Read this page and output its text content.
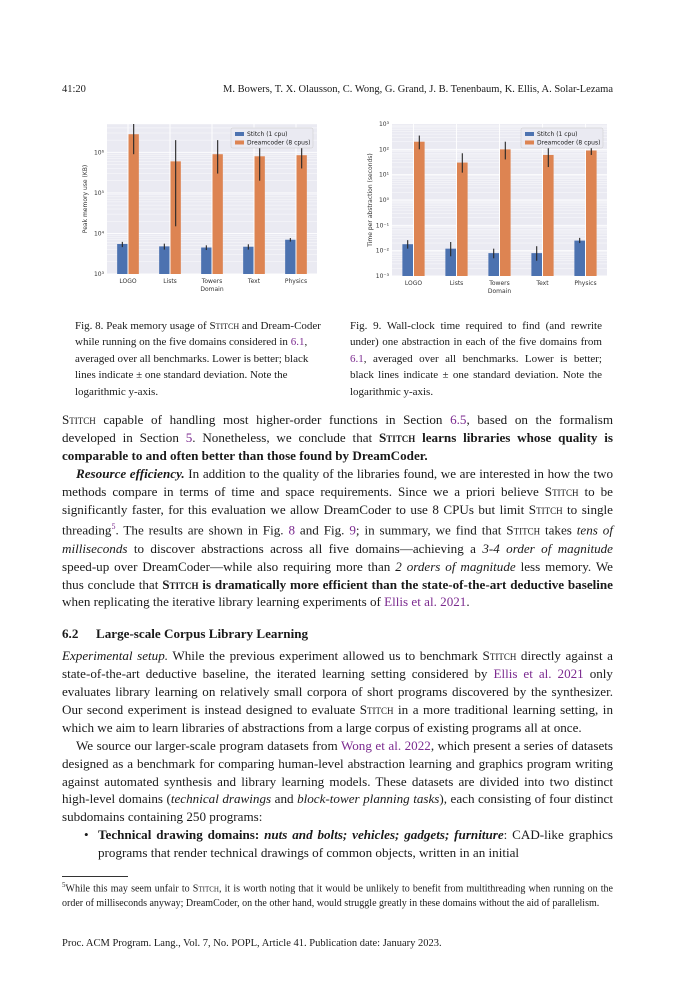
41:20	M. Bowers, T. X. Olausson, C. Wong, G. Grand, J. B. Tenenbaum, K. Ellis, A. Solar-Lezama
10³
10⁴
10⁵
10⁶
LOGO	Lists	Towers	Text	Physics
Domain
Peak memory use (KB)
Stitch (1 cpu)
Dreamcoder (8 cpus)
10⁻³
10⁻²
10⁻¹
10⁰
10¹
10²
10³
LOGO	Lists	Towers	Text	Physics
Domain
Time per abstraction (seconds)
Stitch (1 cpu)
Dreamcoder (8 cpus)
Fig. 8. Peak memory usage of Stitch and Dream-Coder while running on the five domains considered in 6.1, averaged over all benchmarks. Lower is better; black lines indicate ± one standard deviation. Note the logarithmic y-axis.
Fig. 9. Wall-clock time required to find (and rewrite under) one abstraction in each of the five domains from 6.1, averaged over all benchmarks. Lower is better; black lines indicate ± one standard deviation. Note the logarithmic y-axis.

Stitch capable of handling most higher-order functions in Section 6.5, based on the formalism developed in Section 5. Nonetheless, we conclude that Stitch learns libraries whose quality is comparable to and often better than those found by DreamCoder.

Resource efficiency. In addition to the quality of the libraries found, we are interested in how the two methods compare in terms of time and space requirements. Since we a priori believe Stitch to be significantly faster, for this evaluation we allow DreamCoder to use 8 CPUs but limit Stitch to single threading$^5$. The results are shown in Fig. 8 and Fig. 9; in summary, we find that Stitch takes tens of milliseconds to discover abstractions across all five domains—achieving a 3-4 order of magnitude speed-up over DreamCoder—while also requiring more than 2 orders of magnitude less memory. We thus conclude that Stitch is dramatically more efficient than the state-of-the-art deductive baseline when replicating the iterative library learning experiments of Ellis et al. 2021.

6.2 Large-scale Corpus Library Learning

Experimental setup. While the previous experiment allowed us to benchmark Stitch directly against a state-of-the-art deductive baseline, the iterated learning setting considered by Ellis et al. 2021 only evaluates library learning on relatively small corpora of short programs discovered by the synthesizer. Our second experiment is instead designed to evaluate Stitch in a more traditional learning setting, in which we aim to learn libraries of abstractions from a large corpus of existing programs all at once.

We source our larger-scale program datasets from Wong et al. 2022, which present a series of datasets designed as a benchmark for comparing human-level abstraction learning and graphics program writing against automated synthesis and library learning models. These datasets are divided into two distinct high-level domains (technical drawings and block-tower planning tasks), each consisting of four distinct subdomains containing 250 programs:

• Technical drawing domains: nuts and bolts; vehicles; gadgets; furniture: CAD-like graphics programs that render technical drawings of common objects, written in an initial

$^5$While this may seem unfair to Stitch, it is worth noting that it would be unlikely to benefit from multithreading when running on the order of milliseconds anyway; DreamCoder, on the other hand, would struggle greatly in these domains without the aid of parallelism.
Proc. ACM Program. Lang., Vol. 7, No. POPL, Article 41. Publication date: January 2023.
